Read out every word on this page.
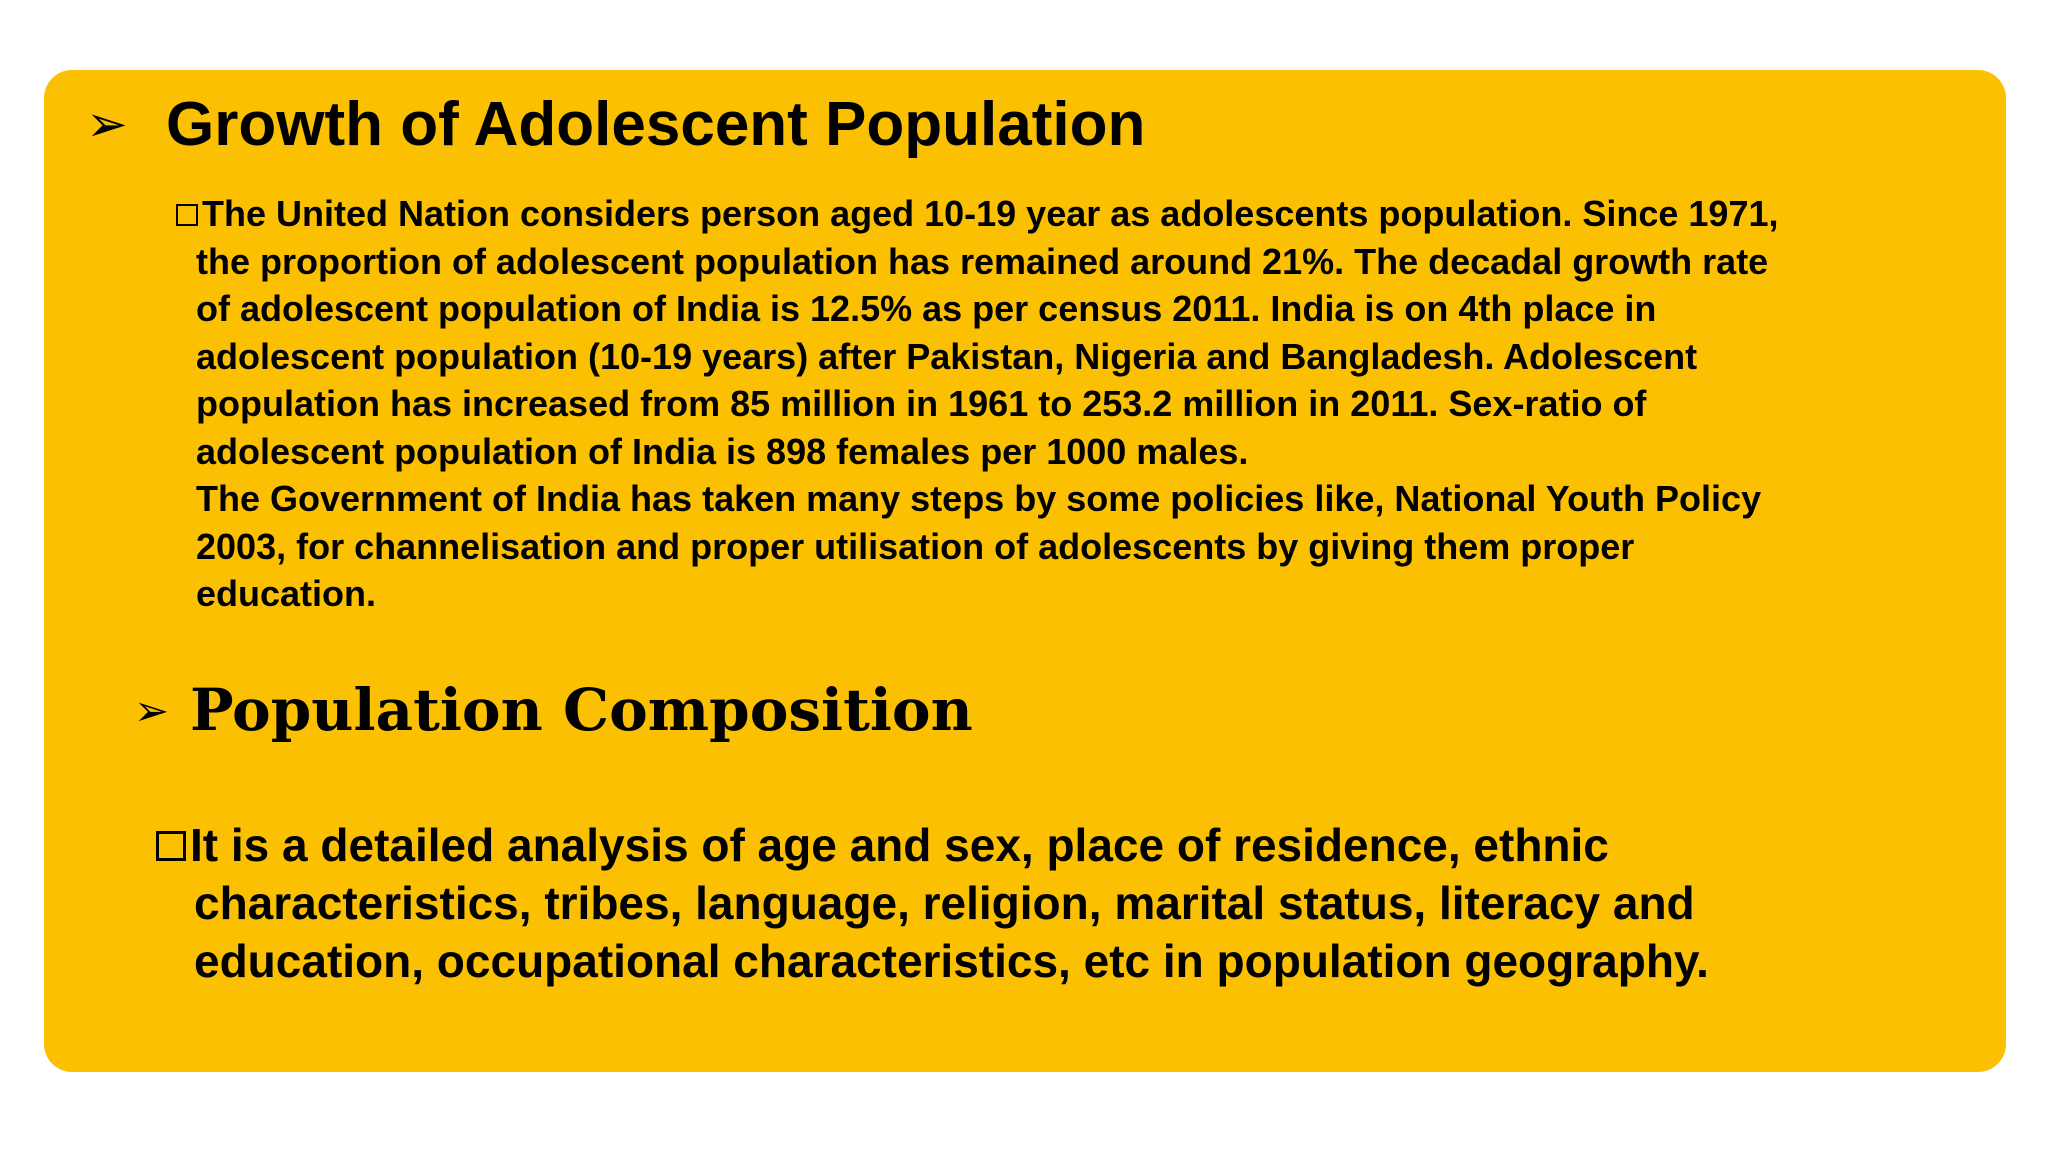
➢ Growth of Adolescent Population
The United Nation considers person aged 10-19 year as adolescents population. Since 1971,
the proportion of adolescent population has remained around 21%. The decadal growth rate
of adolescent population of India is 12.5% as per census 2011. India is on 4th place in
adolescent population (10-19 years) after Pakistan, Nigeria and Bangladesh. Adolescent
population has increased from 85 million in 1961 to 253.2 million in 2011. Sex-ratio of
adolescent population of India is 898 females per 1000 males.
The Government of India has taken many steps by some policies like, National Youth Policy
2003, for channelisation and proper utilisation of adolescents by giving them proper
education.
➢ Population Composition
It is a detailed analysis of age and sex, place of residence, ethnic
characteristics, tribes, language, religion, marital status, literacy and
education, occupational characteristics, etc in population geography.
